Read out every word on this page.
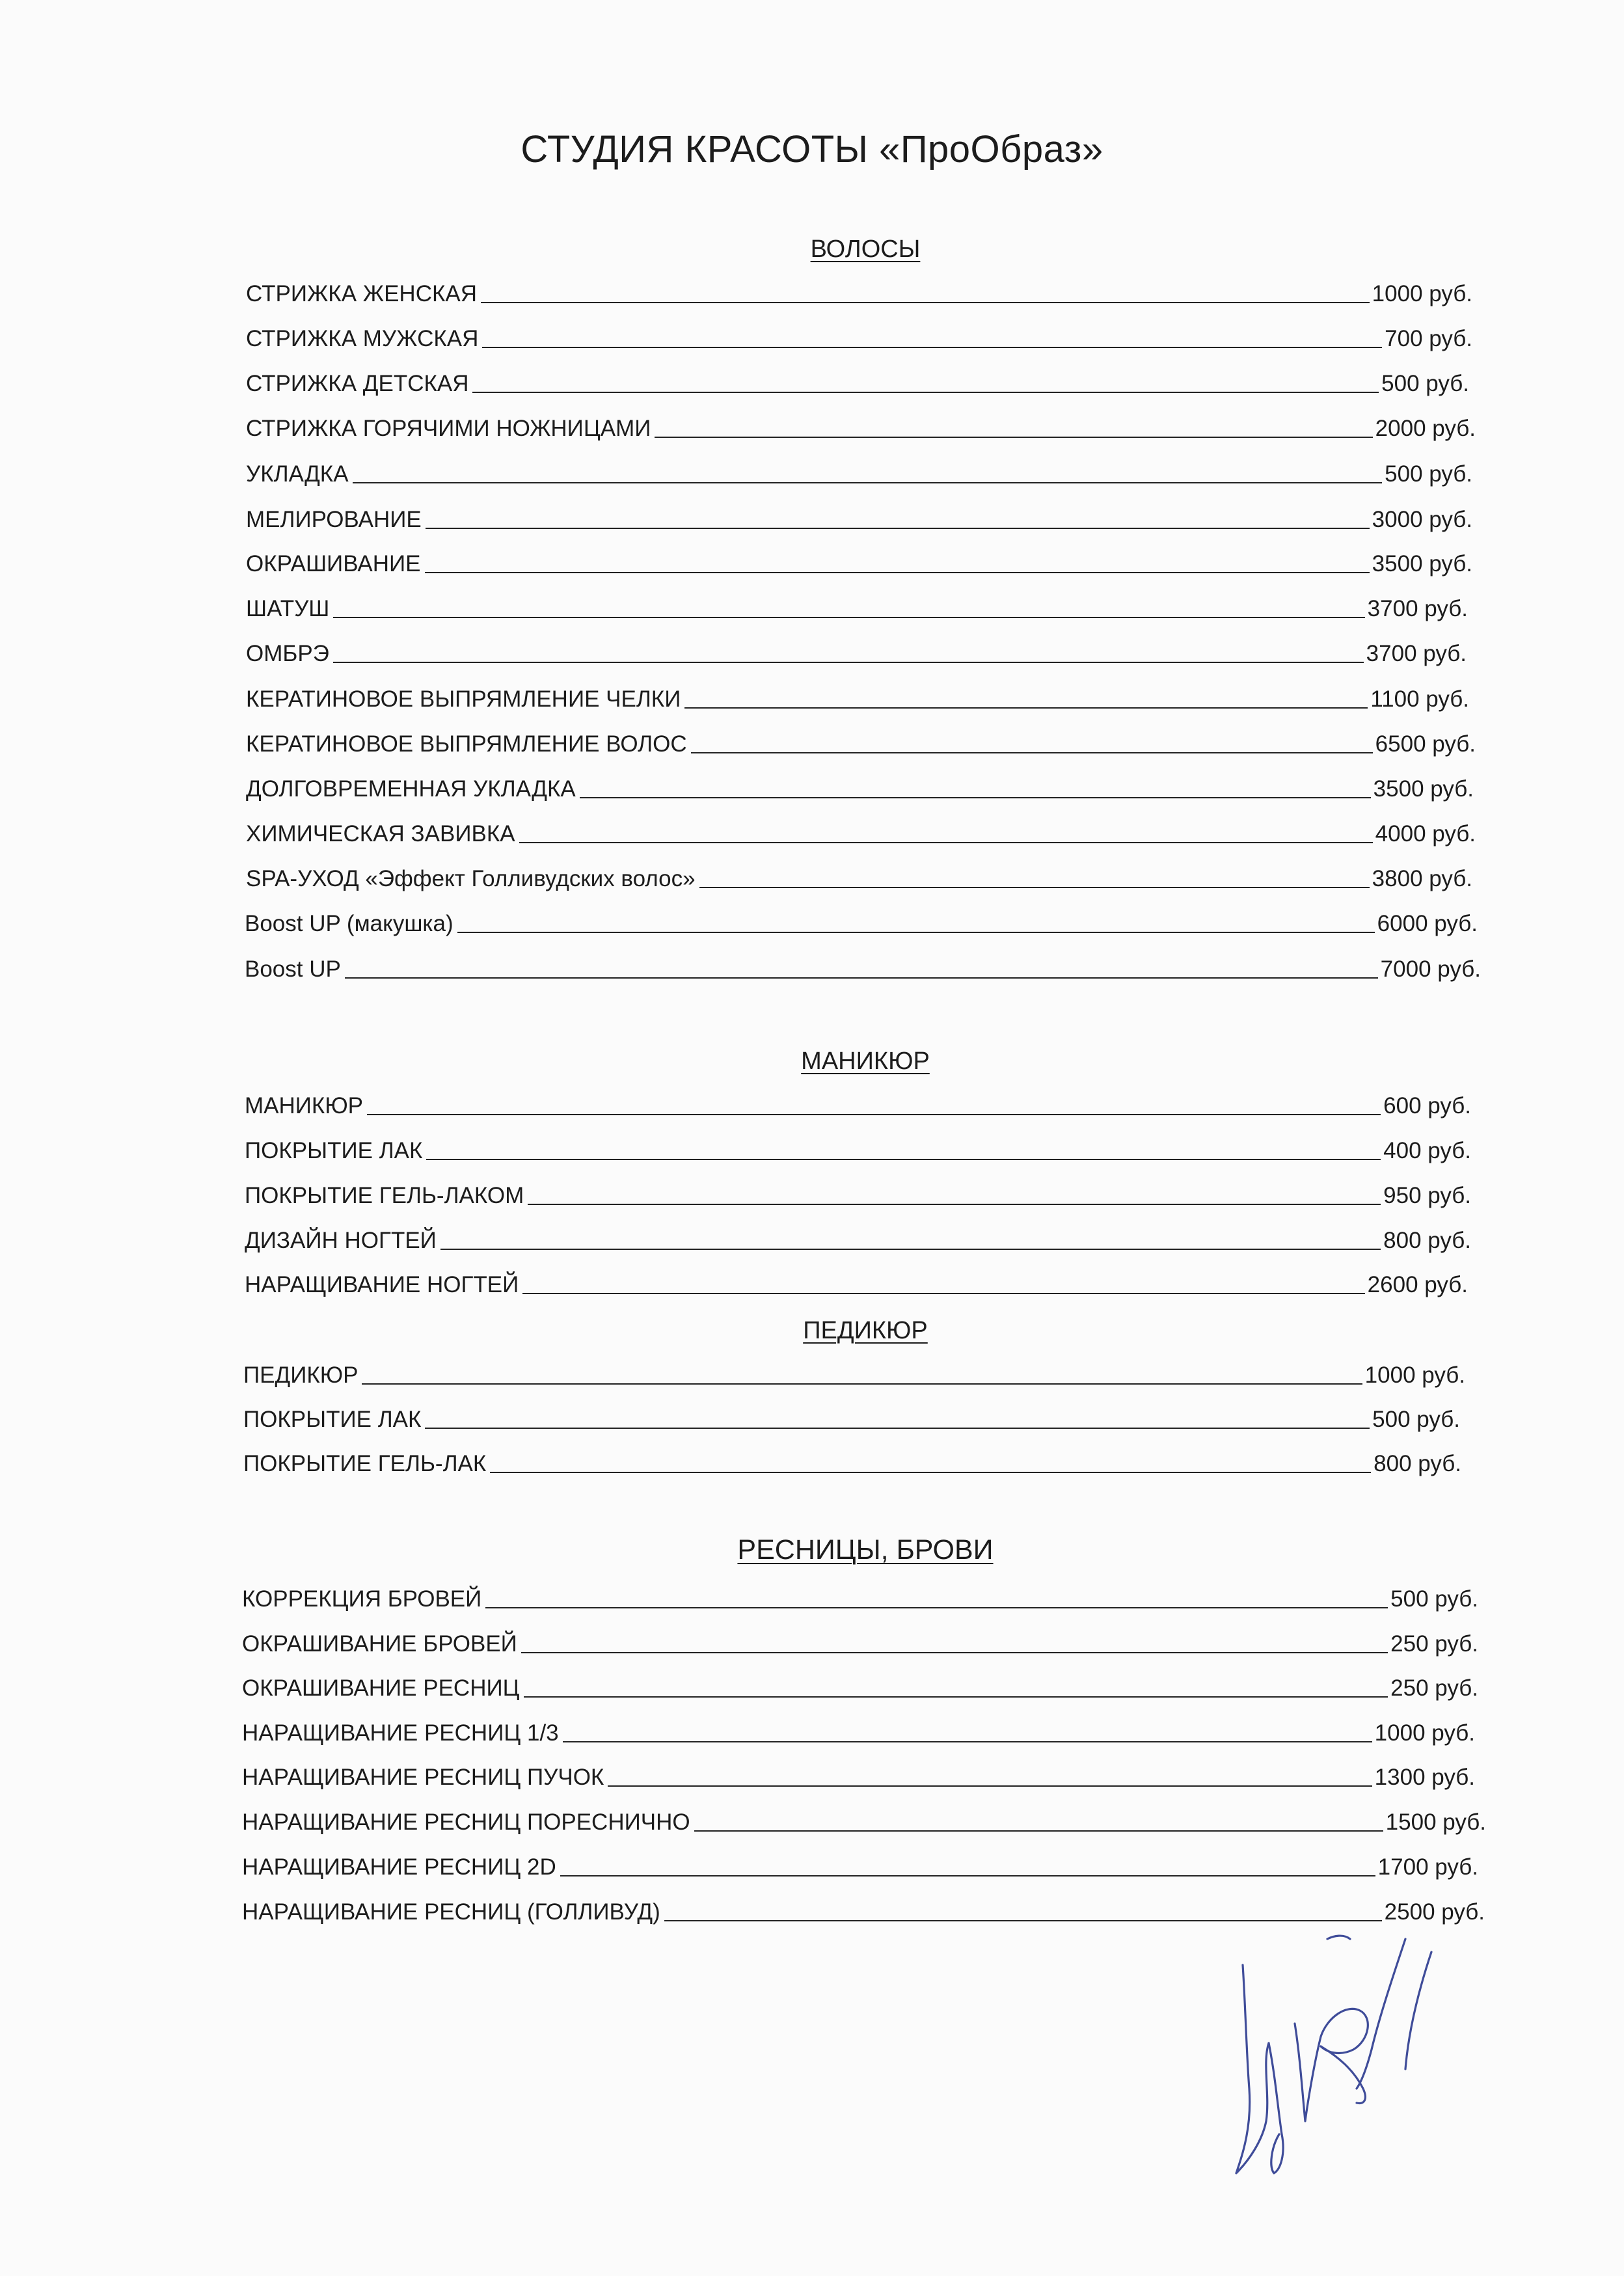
СТУДИЯ КРАСОТЫ «ПроОбраз»
ВОЛОСЫ
СТРИЖКА ЖЕНСКАЯ	1000 руб.
СТРИЖКА МУЖСКАЯ	700 руб.
СТРИЖКА ДЕТСКАЯ	500 руб.
СТРИЖКА ГОРЯЧИМИ НОЖНИЦАМИ	2000 руб.
УКЛАДКА	500 руб.
МЕЛИРОВАНИЕ	3000 руб.
ОКРАШИВАНИЕ	3500 руб.
ШАТУШ	3700 руб.
ОМБРЭ	3700 руб.
КЕРАТИНОВОЕ ВЫПРЯМЛЕНИЕ ЧЕЛКИ	1100 руб.
КЕРАТИНОВОЕ ВЫПРЯМЛЕНИЕ ВОЛОС	6500 руб.
ДОЛГОВРЕМЕННАЯ УКЛАДКА	3500 руб.
ХИМИЧЕСКАЯ ЗАВИВКА	4000 руб.
SPA-УХОД «Эффект Голливудских волос»	3800 руб.
Boost UP (макушка)	6000 руб.
Boost UP	7000 руб.
МАНИКЮР
МАНИКЮР	600 руб.
ПОКРЫТИЕ ЛАК	400 руб.
ПОКРЫТИЕ ГЕЛЬ-ЛАКОМ	950 руб.
ДИЗАЙН НОГТЕЙ	800 руб.
НАРАЩИВАНИЕ НОГТЕЙ	2600 руб.
ПЕДИКЮР
ПЕДИКЮР	1000 руб.
ПОКРЫТИЕ ЛАК	500 руб.
ПОКРЫТИЕ ГЕЛЬ-ЛАК	800 руб.
РЕСНИЦЫ, БРОВИ
КОРРЕКЦИЯ БРОВЕЙ	500 руб.
ОКРАШИВАНИЕ БРОВЕЙ	250 руб.
ОКРАШИВАНИЕ РЕСНИЦ	250 руб.
НАРАЩИВАНИЕ РЕСНИЦ 1/3	1000 руб.
НАРАЩИВАНИЕ РЕСНИЦ ПУЧОК	1300 руб.
НАРАЩИВАНИЕ РЕСНИЦ ПОРЕСНИЧНО	1500 руб.
НАРАЩИВАНИЕ РЕСНИЦ 2D	1700 руб.
НАРАЩИВАНИЕ РЕСНИЦ (ГОЛЛИВУД)	2500 руб.
